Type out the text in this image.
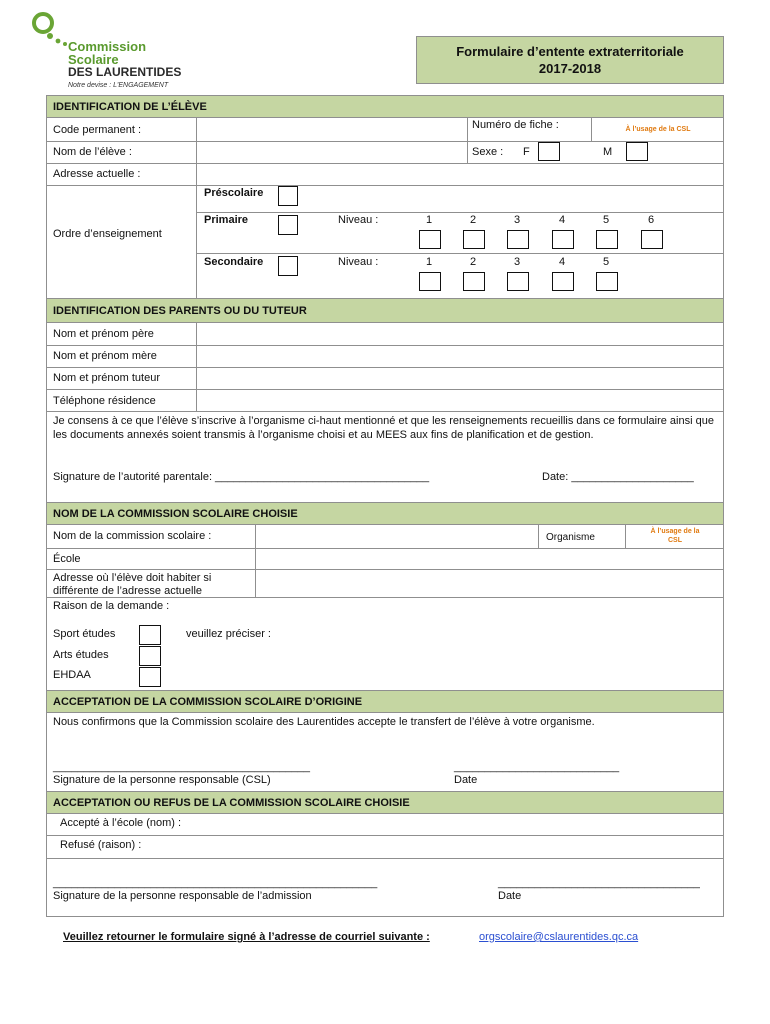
Commission
Scolaire
DES LAURENTIDES
Notre devise : L'ENGAGEMENT
Formulaire d’entente extraterritoriale
2017-2018
IDENTIFICATION DE L’ÉLÈVE
Code permanent :	Numéro de fiche :	À l’usage de la CSL
Nom de l’élève :	Sexe : F	M
Adresse actuelle :
Ordre d’enseignement
Préscolaire
Primaire	Niveau :	1	2	3	4	5	6
Secondaire	Niveau :	1	2	3	4	5
IDENTIFICATION DES PARENTS OU DU TUTEUR
Nom et prénom père
Nom et prénom mère
Nom et prénom tuteur
Téléphone résidence
Je consens à ce que l’élève s’inscrive à l’organisme ci-haut mentionné et que les renseignements recueillis dans ce formulaire ainsi que les documents annexés soient transmis à l’organisme choisi et au MEES aux fins de planification et de gestion.
Signature de l’autorité parentale: ___________________________________	Date: ____________________
NOM DE LA COMMISSION SCOLAIRE CHOISIE
Nom de la commission scolaire :	Organisme
À l’usage de la
CSL
École
Adresse où l’élève doit habiter si
différente de l’adresse actuelle
Raison de la demande :
Sport études	veuillez préciser :
Arts études
EHDAA
ACCEPTATION DE LA COMMISSION SCOLAIRE D’ORIGINE
Nous confirmons que la Commission scolaire des Laurentides accepte le transfert de l’élève à votre organisme.
__________________________________________	___________________________
Signature de la personne responsable (CSL)	Date
ACCEPTATION OU REFUS DE LA COMMISSION SCOLAIRE CHOISIE
Accepté à l’école (nom) :
Refusé (raison) :
_____________________________________________________	_________________________________
Signature de la personne responsable de l’admission	Date
Veuillez retourner le formulaire signé à l’adresse de courriel suivante :	orgscolaire@cslaurentides.qc.ca
